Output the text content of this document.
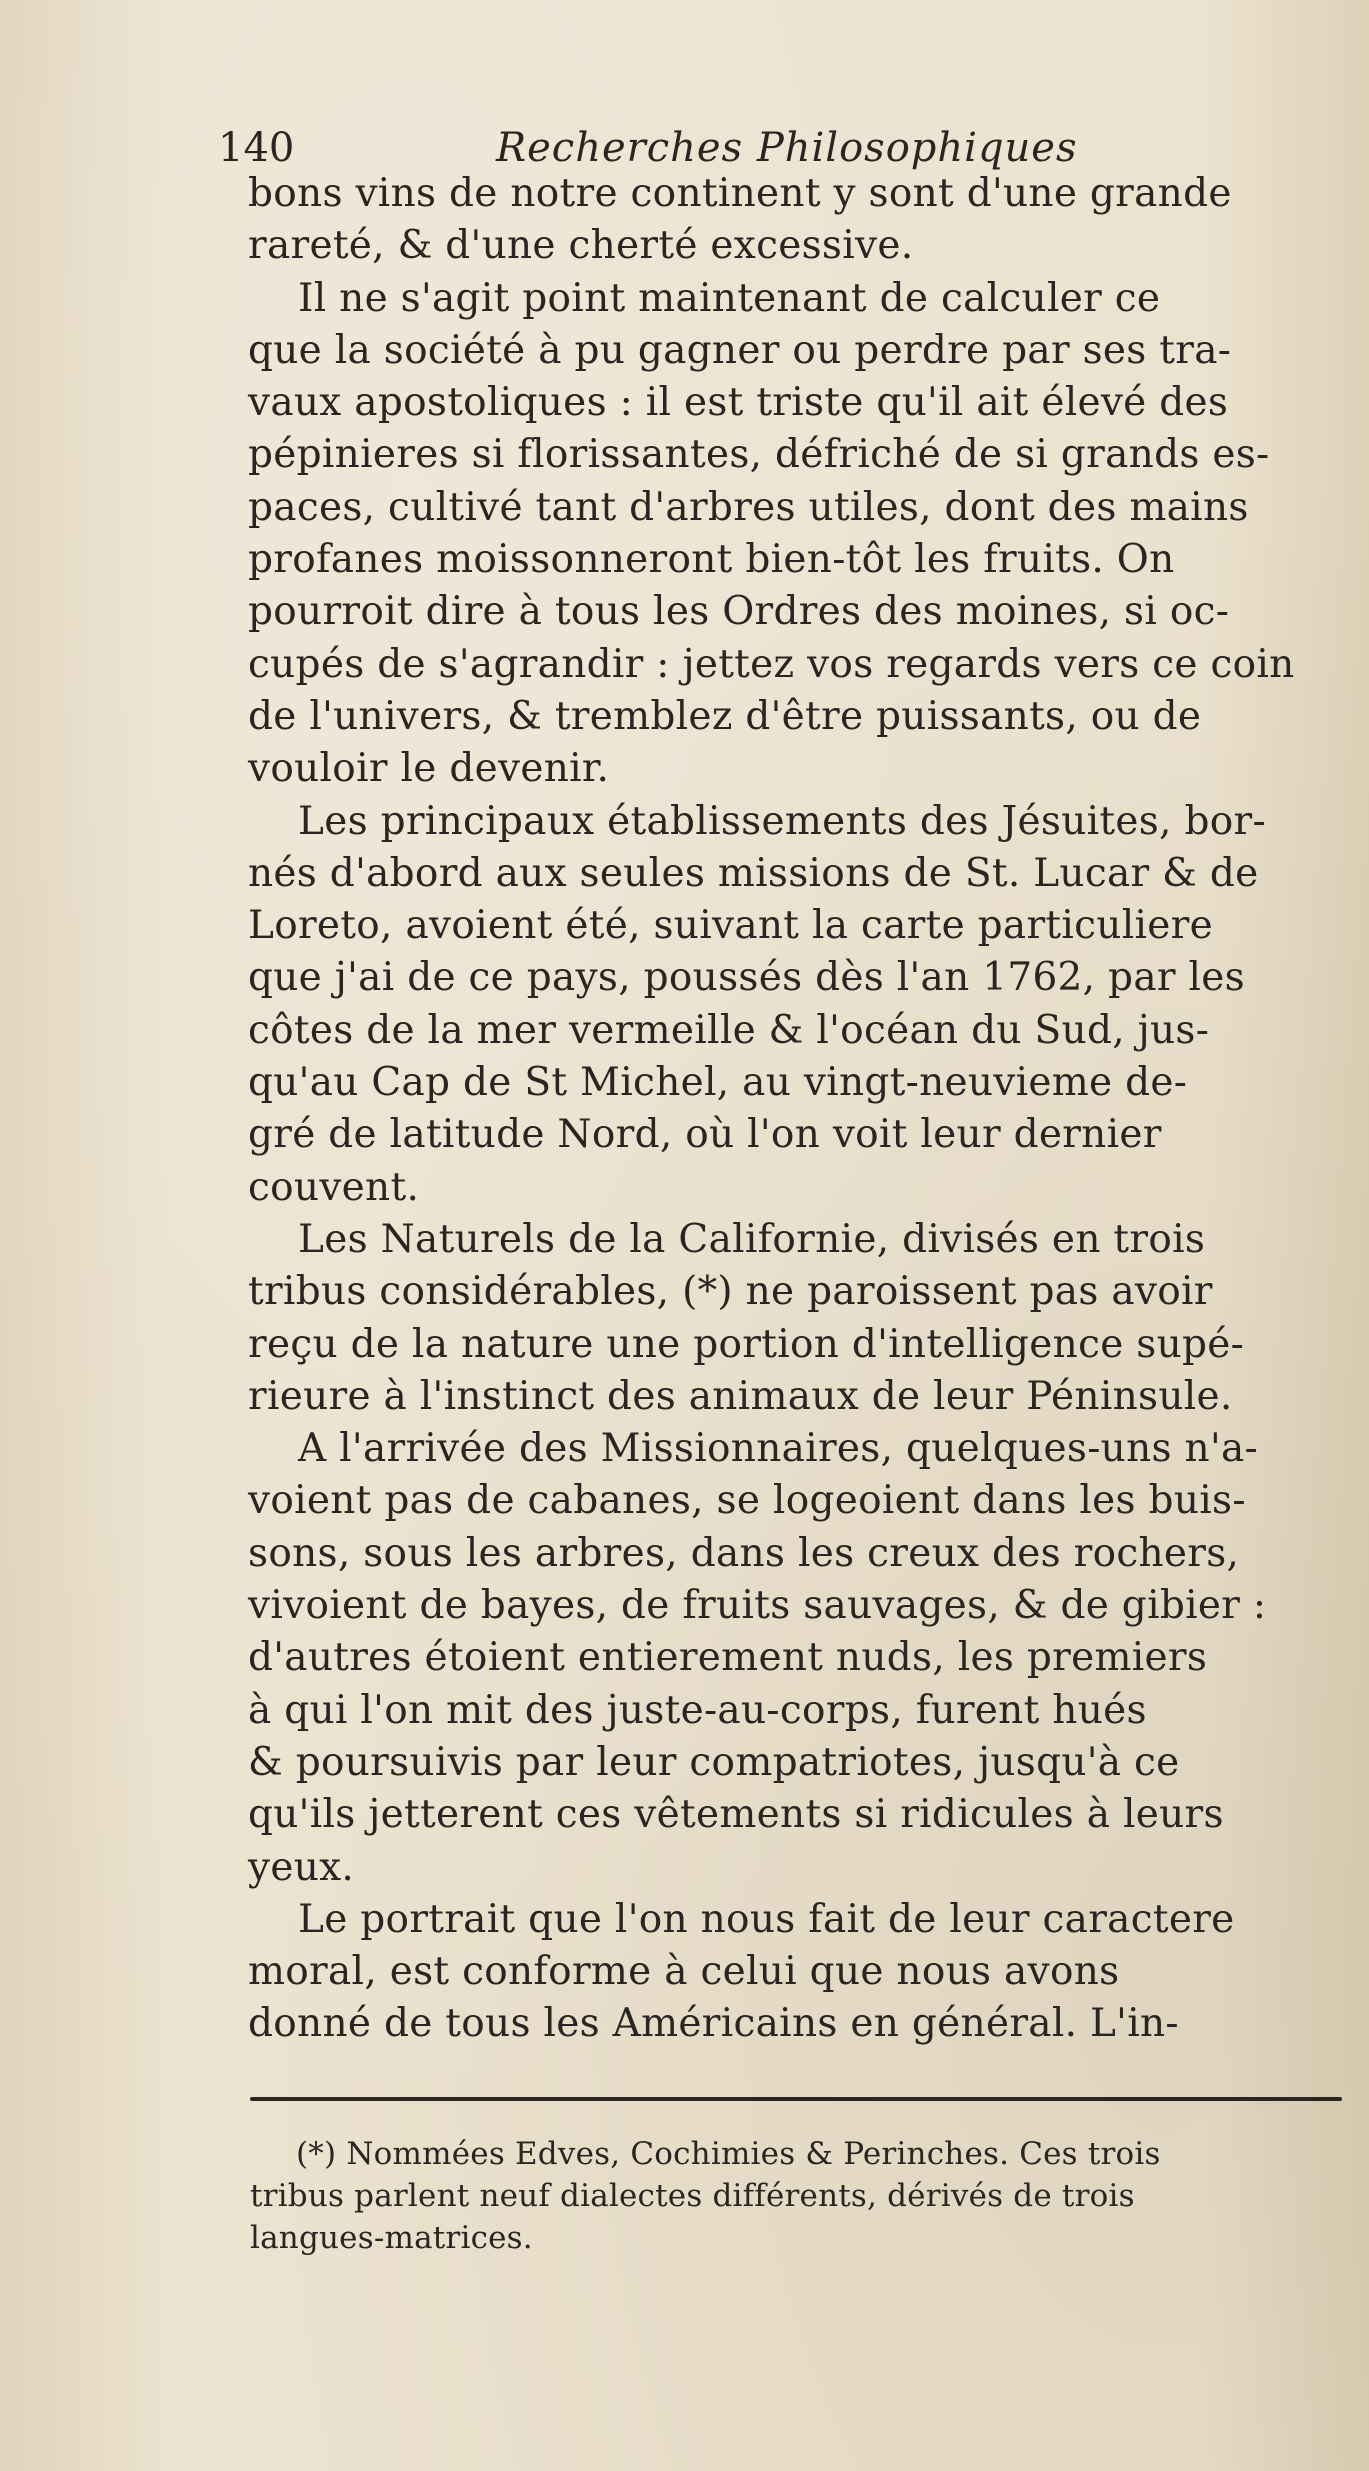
140	Recherches Philosophiques
bons vins de notre continent y sont d'une grande
rareté, & d'une cherté excessive.
Il ne s'agit point maintenant de calculer ce
que la société à pu gagner ou perdre par ses tra-
vaux apostoliques : il est triste qu'il ait élevé des
pépinieres si florissantes, défriché de si grands es-
paces, cultivé tant d'arbres utiles, dont des mains
profanes moissonneront bien-tôt les fruits. On
pourroit dire à tous les Ordres des moines, si oc-
cupés de s'agrandir : jettez vos regards vers ce coin
de l'univers, & tremblez d'être puissants, ou de
vouloir le devenir.
Les principaux établissements des Jésuites, bor-
nés d'abord aux seules missions de St. Lucar & de
Loreto, avoient été, suivant la carte particuliere
que j'ai de ce pays, poussés dès l'an 1762, par les
côtes de la mer vermeille & l'océan du Sud, jus-
qu'au Cap de St Michel, au vingt-neuvieme de-
gré de latitude Nord, où l'on voit leur dernier
couvent.
Les Naturels de la Californie, divisés en trois
tribus considérables, (*) ne paroissent pas avoir
reçu de la nature une portion d'intelligence supé-
rieure à l'instinct des animaux de leur Péninsule.
A l'arrivée des Missionnaires, quelques-uns n'a-
voient pas de cabanes, se logeoient dans les buis-
sons, sous les arbres, dans les creux des rochers,
vivoient de bayes, de fruits sauvages, & de gibier :
d'autres étoient entierement nuds, les premiers
à qui l'on mit des juste-au-corps, furent hués
& poursuivis par leur compatriotes, jusqu'à ce
qu'ils jetterent ces vêtements si ridicules à leurs
yeux.
Le portrait que l'on nous fait de leur caractere
moral, est conforme à celui que nous avons
donné de tous les Américains en général. L'in-
(*) Nommées Edves, Cochimies & Perinches. Ces trois
tribus parlent neuf dialectes différents, dérivés de trois
langues-matrices.
